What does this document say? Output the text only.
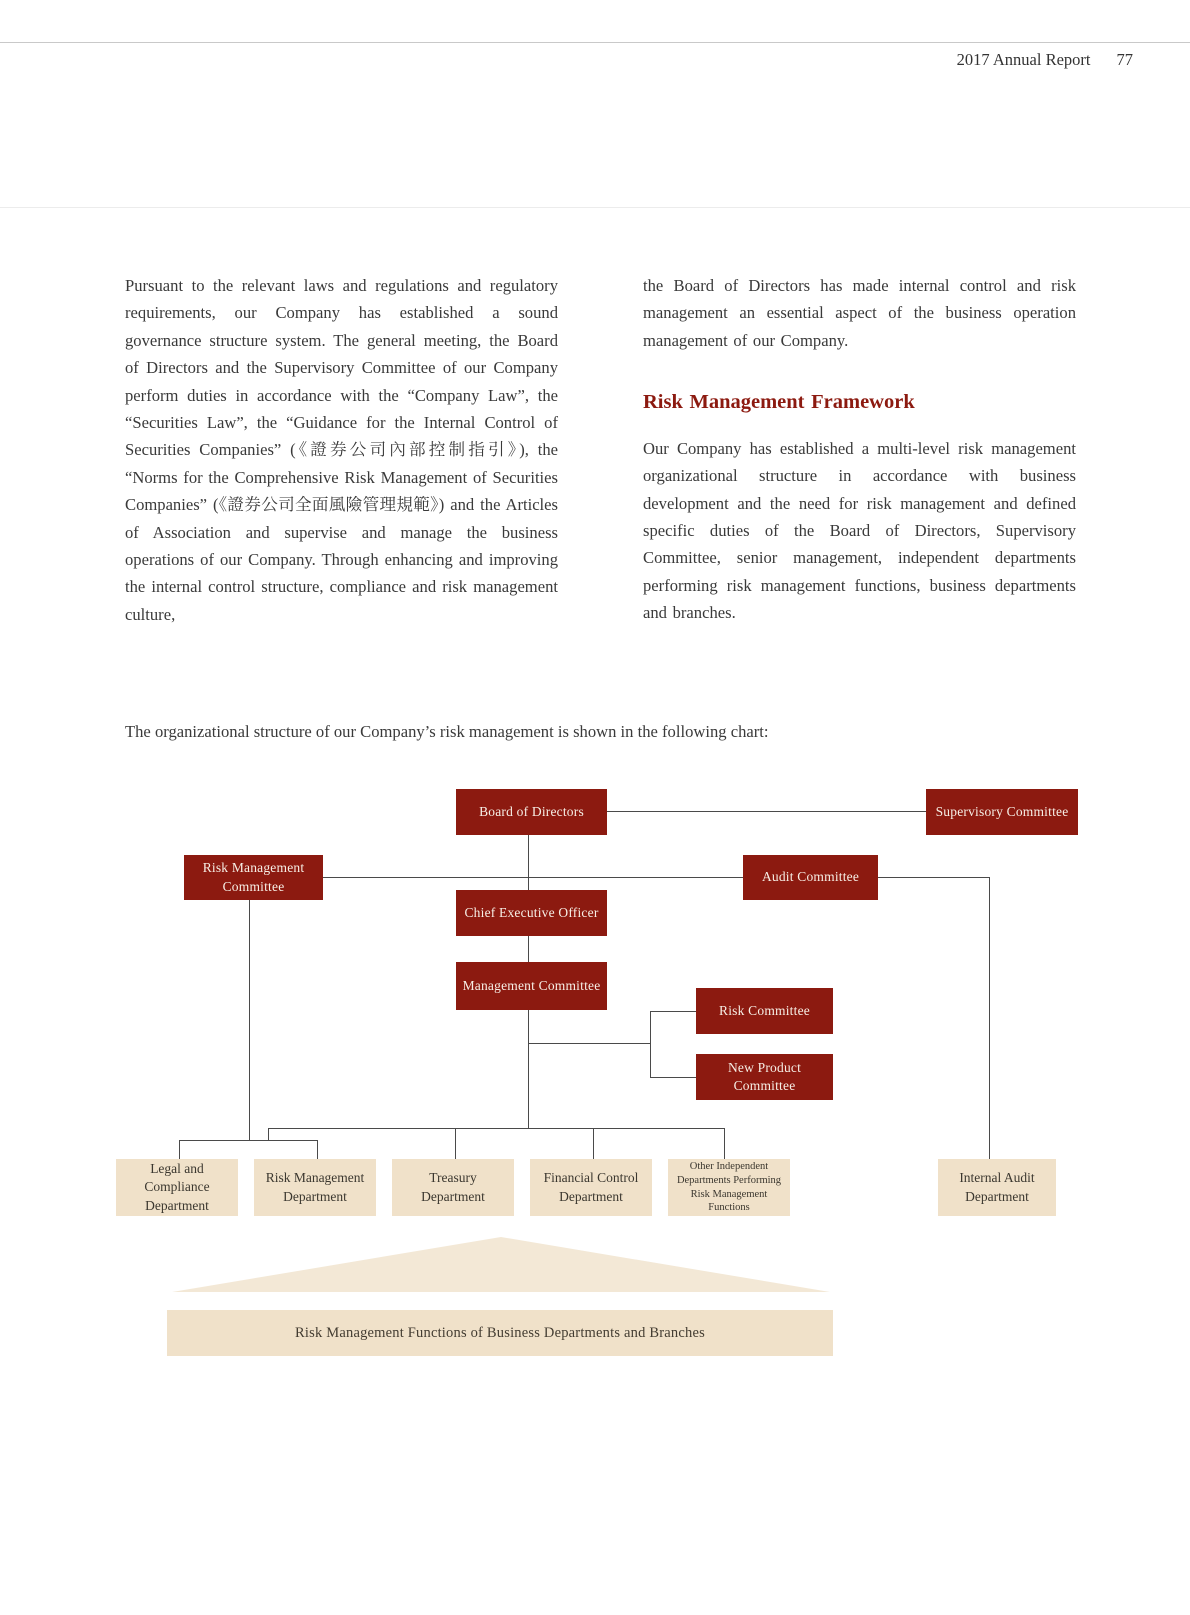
2017 Annual Report 77

Pursuant to the relevant laws and regulations and regulatory requirements, our Company has established a sound governance structure system. The general meeting, the Board of Directors and the Supervisory Committee of our Company perform duties in accordance with the “Company Law”, the “Securities Law”, the “Guidance for the Internal Control of Securities Companies” (《證券公司內部控制指引》), the “Norms for the Comprehensive Risk Management of Securities Companies” (《證券公司全面風險管理規範》) and the Articles of Association and supervise and manage the business operations of our Company. Through enhancing and improving the internal control structure, compliance and risk management culture,

the Board of Directors has made internal control and risk management an essential aspect of the business operation management of our Company.

Risk Management Framework

Our Company has established a multi-level risk management organizational structure in accordance with business development and the need for risk management and defined specific duties of the Board of Directors, Supervisory Committee, senior management, independent departments performing risk management functions, business departments and branches.

The organizational structure of our Company’s risk management is shown in the following chart:
Board of Directors	Supervisory Committee
Risk Management Committee
Audit Committee
Chief Executive Officer
Management Committee
Risk Committee
New Product Committee
Legal and Compliance Department
Risk Management Department
Treasury Department
Financial Control Department
Other Independent Departments Performing Risk Management Functions
Internal Audit Department
Risk Management Functions of Business Departments and Branches
